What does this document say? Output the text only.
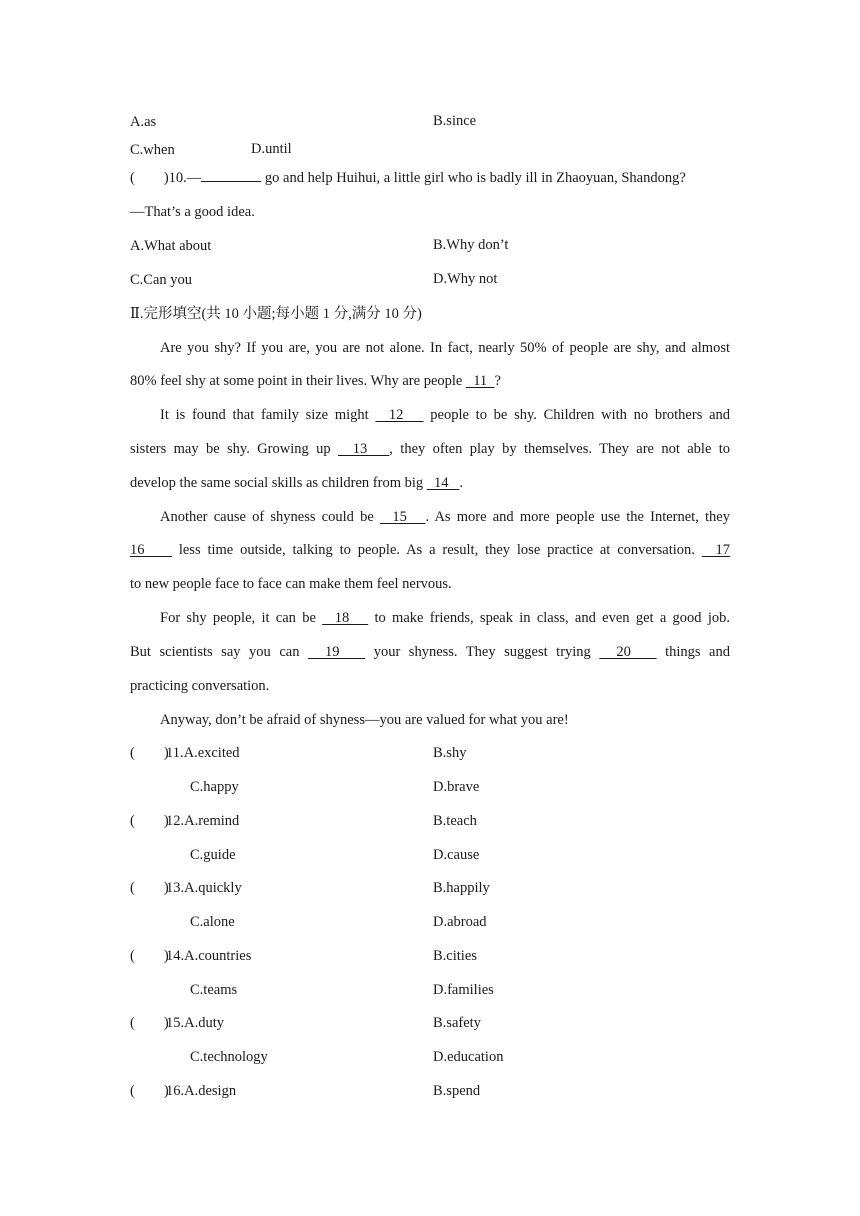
A.as	B.since
C.when	D.until
(        )10.—	go and help Huihui, a little girl who is badly ill in Zhaoyuan, Shandong?
—That’s a good idea.
A.What about	B.Why don’t
C.Can you	D.Why not
Ⅱ.完形填空(共 10 小题;每小题 1 分,满分 10 分)
Are you shy? If you are, you are not alone. In fact, nearly 50% of people are shy, and almost
80% feel shy at some point in their lives. Why are people   11  ?
It is found that family size might   12    people to be shy. Children with no brothers and
sisters may be shy. Growing up   13   , they often play by themselves. They are not able to
develop the same social skills as children from big   14   .
Another cause of shyness could be   15   . As more and more people use the Internet, they
16     less time outside, talking to people. As a result, they lose practice at conversation.   17
to new people face to face can make them feel nervous.
For shy people, it can be   18    to make friends, speak in class, and even get a good job.
But scientists say you can   19    your shyness. They suggest trying   20    things and
practicing conversation.
Anyway, don’t be afraid of shyness—you are valued for what you are!
(        )
11.A.excited	B.shy
C.happy	D.brave
(        )
12.A.remind	B.teach
C.guide	D.cause
(        )
13.A.quickly	B.happily
C.alone	D.abroad
(        )
14.A.countries	B.cities
C.teams	D.families
(        )
15.A.duty	B.safety
C.technology	D.education
(        )
16.A.design	B.spend
